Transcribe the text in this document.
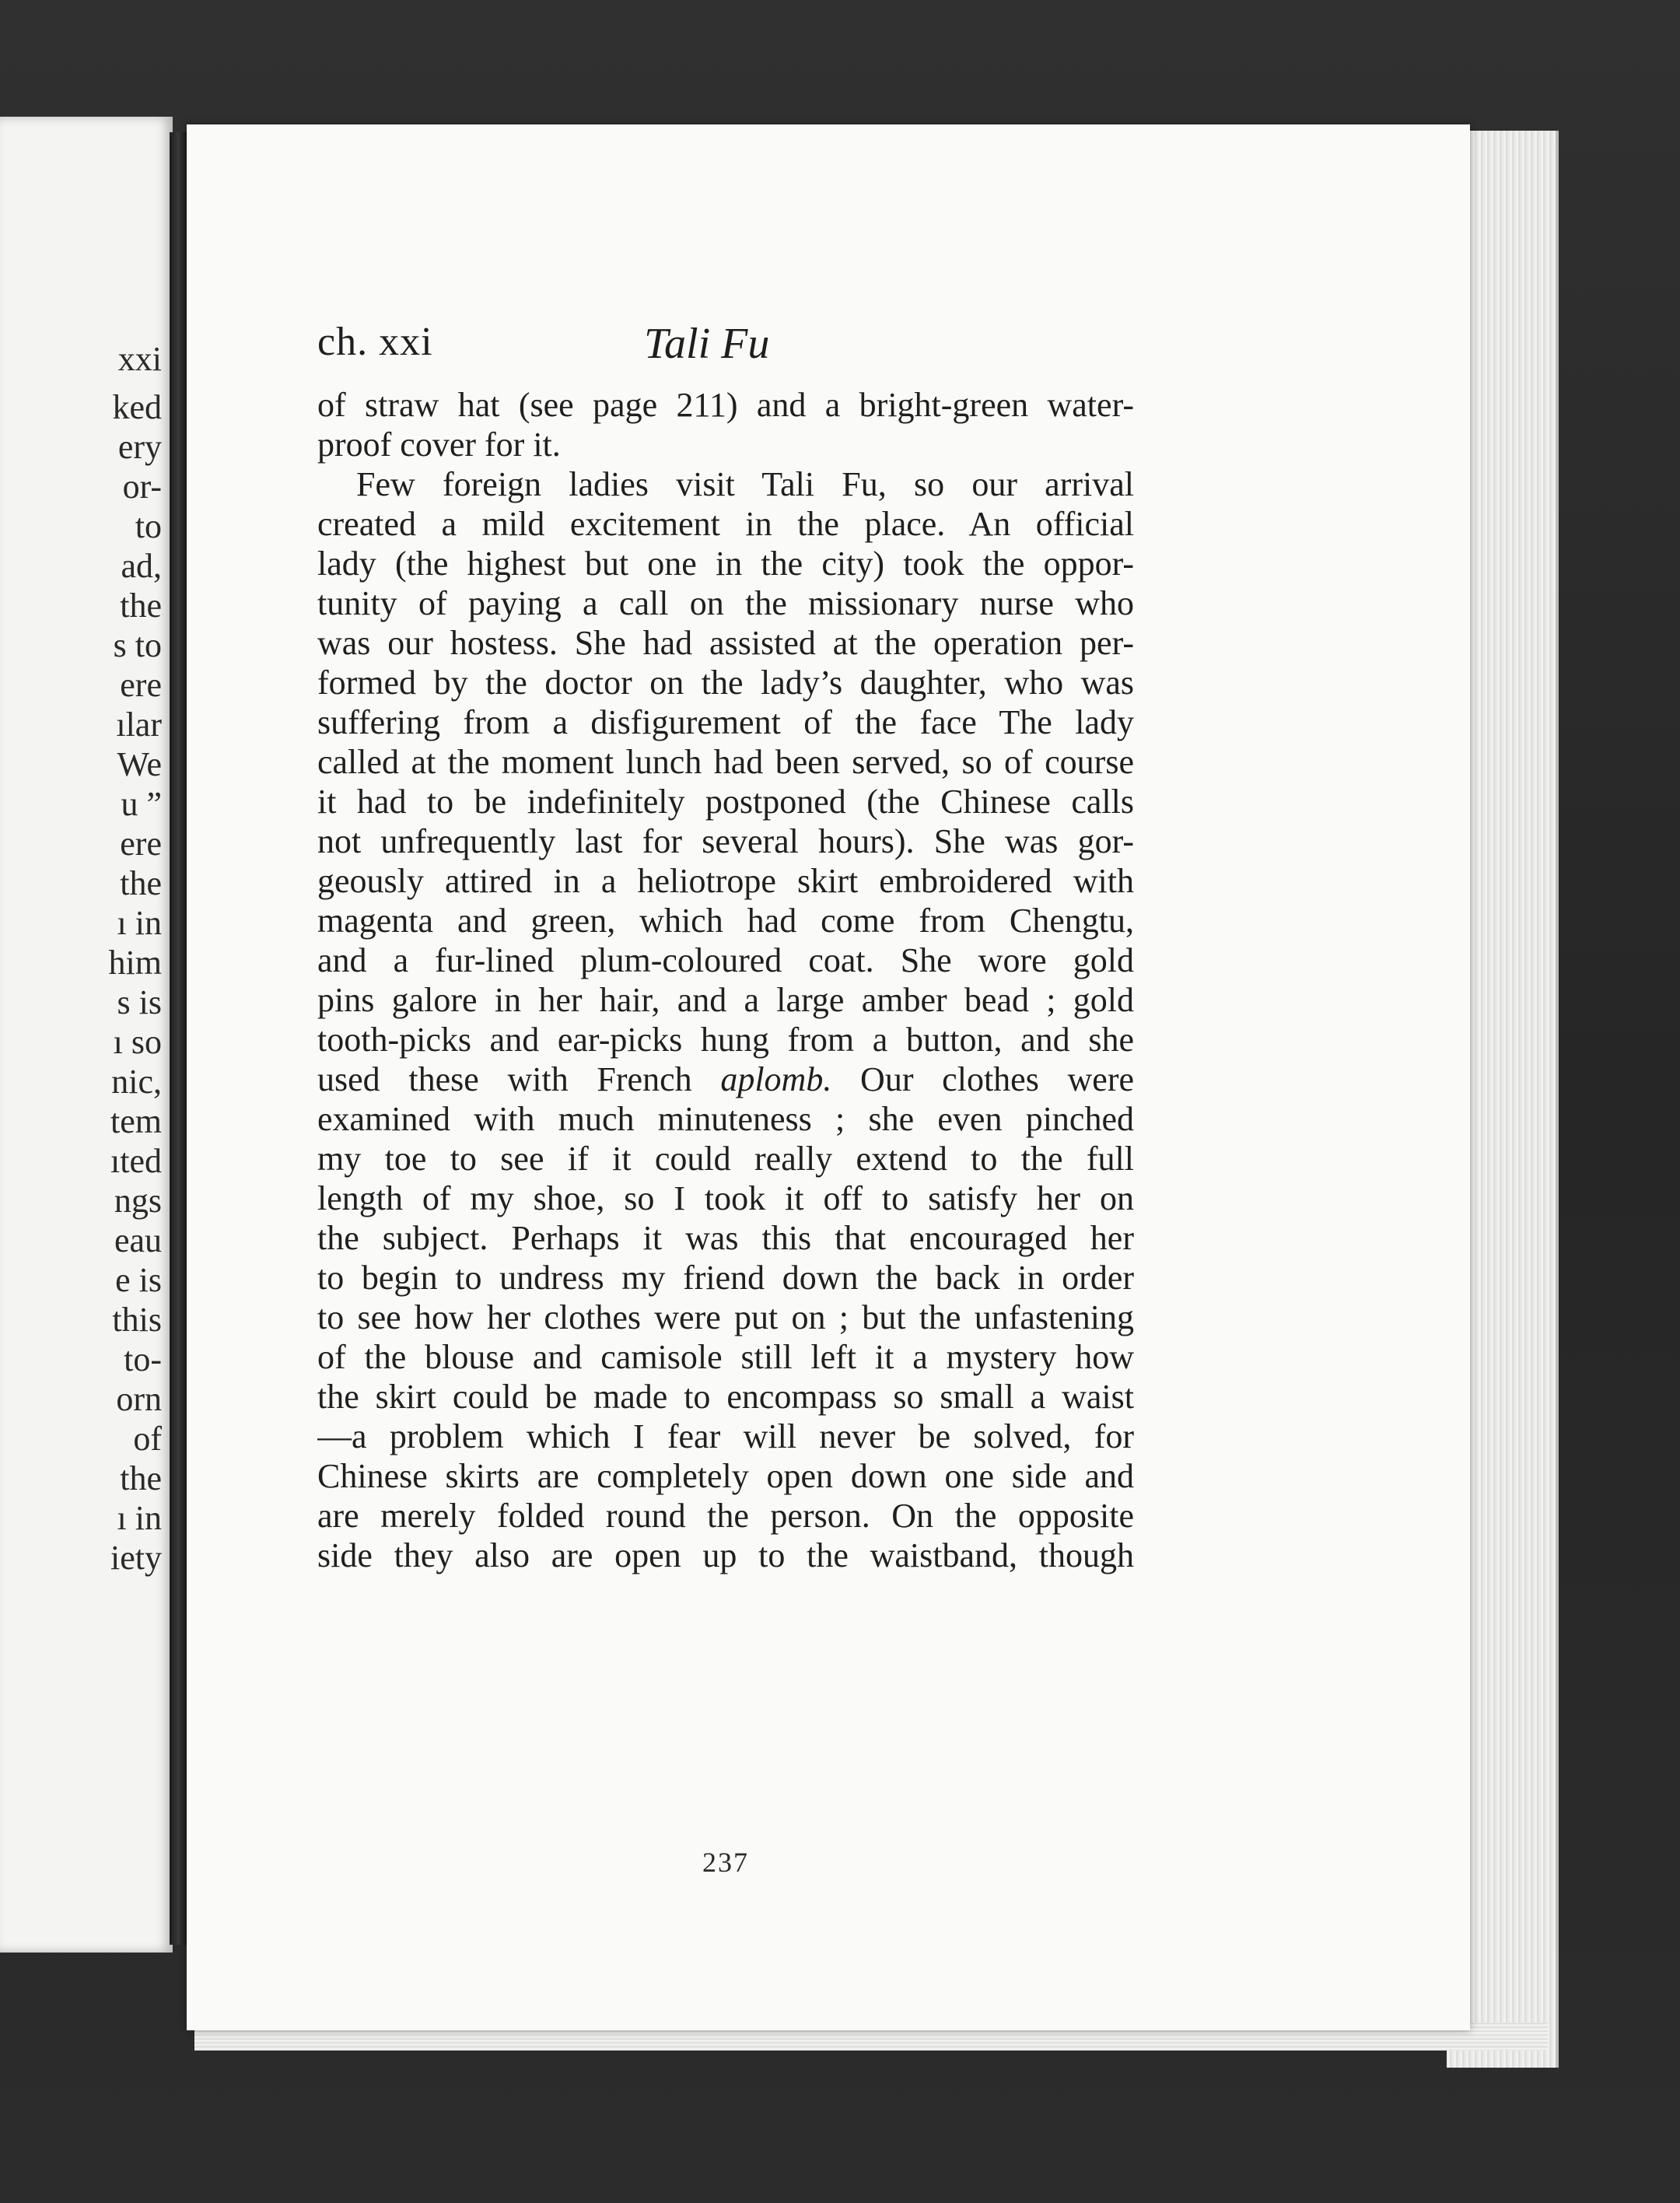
xxi
ked
ery
or-
to
ad,
the
s to
ere
ılar
We
u ”
ere
the
ı in
him
s is
ı so
nic,
tem
ıted
ngs
eau
e is
this
to-
orn
of
the
ı in
iety
ch. xxi	Tali Fu
of straw hat (see page 211) and a bright-green water-
proof cover for it.
Few foreign ladies visit Tali Fu, so our arrival
created a mild excitement in the place. An official
lady (the highest but one in the city) took the oppor-
tunity of paying a call on the missionary nurse who
was our hostess. She had assisted at the operation per-
formed by the doctor on the lady’s daughter, who was
suffering from a disfigurement of the face The lady
called at the moment lunch had been served, so of course
it had to be indefinitely postponed (the Chinese calls
not unfrequently last for several hours). She was gor-
geously attired in a heliotrope skirt embroidered with
magenta and green, which had come from Chengtu,
and a fur-lined plum-coloured coat. She wore gold
pins galore in her hair, and a large amber bead ; gold
tooth-picks and ear-picks hung from a button, and she
used these with French aplomb. Our clothes were
examined with much minuteness ; she even pinched
my toe to see if it could really extend to the full
length of my shoe, so I took it off to satisfy her on
the subject. Perhaps it was this that encouraged her
to begin to undress my friend down the back in order
to see how her clothes were put on ; but the unfastening
of the blouse and camisole still left it a mystery how
the skirt could be made to encompass so small a waist
—a problem which I fear will never be solved, for
Chinese skirts are completely open down one side and
are merely folded round the person. On the opposite
side they also are open up to the waistband, though
237
